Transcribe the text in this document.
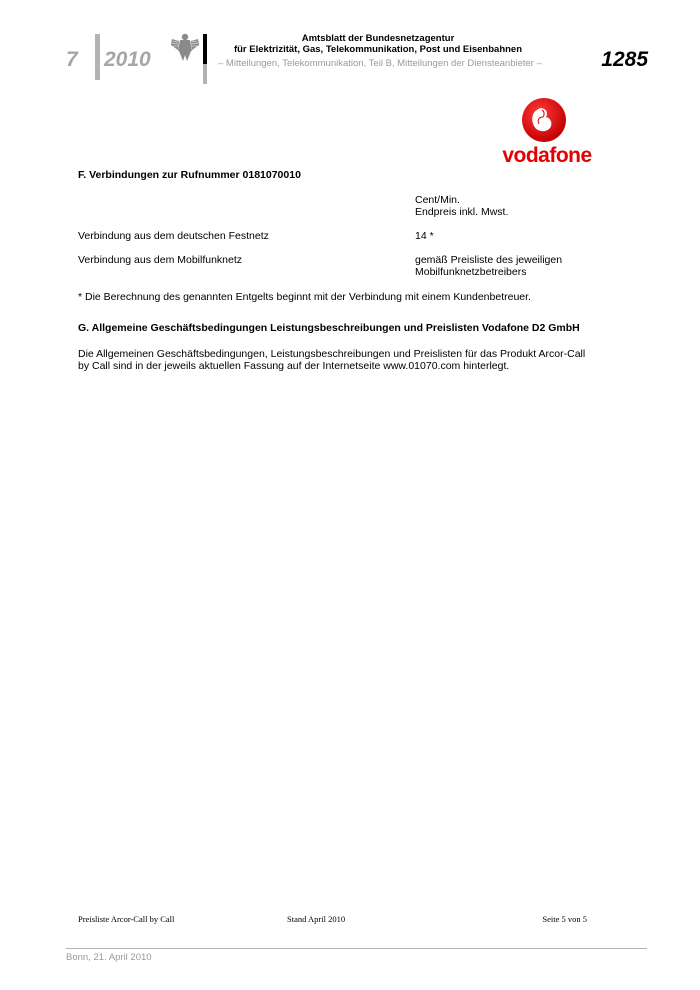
7 2010
Amtsblatt der Bundesnetzagentur
für Elektrizität, Gas, Telekommunikation, Post und Eisenbahnen
– Mitteilungen, Telekommunikation, Teil B, Mitteilungen der Diensteanbieter –	1285
vodafone
F. Verbindungen zur Rufnummer 0181070010
Cent/Min.
Endpreis inkl. Mwst.
Verbindung aus dem deutschen Festnetz	14 *
Verbindung aus dem Mobilfunknetz	gemäß Preisliste des jeweiligen
Mobilfunknetzbetreibers
* Die Berechnung des genannten Entgelts beginnt mit der Verbindung mit einem Kundenbetreuer.
G. Allgemeine Geschäftsbedingungen Leistungsbeschreibungen und Preislisten Vodafone D2 GmbH
Die Allgemeinen Geschäftsbedingungen, Leistungsbeschreibungen und Preislisten für das Produkt Arcor-Call
by Call sind in der jeweils aktuellen Fassung auf der Internetseite www.01070.com hinterlegt.
Preisliste Arcor-Call by Call	Stand April 2010	Seite 5 von 5
Bonn, 21. April 2010
